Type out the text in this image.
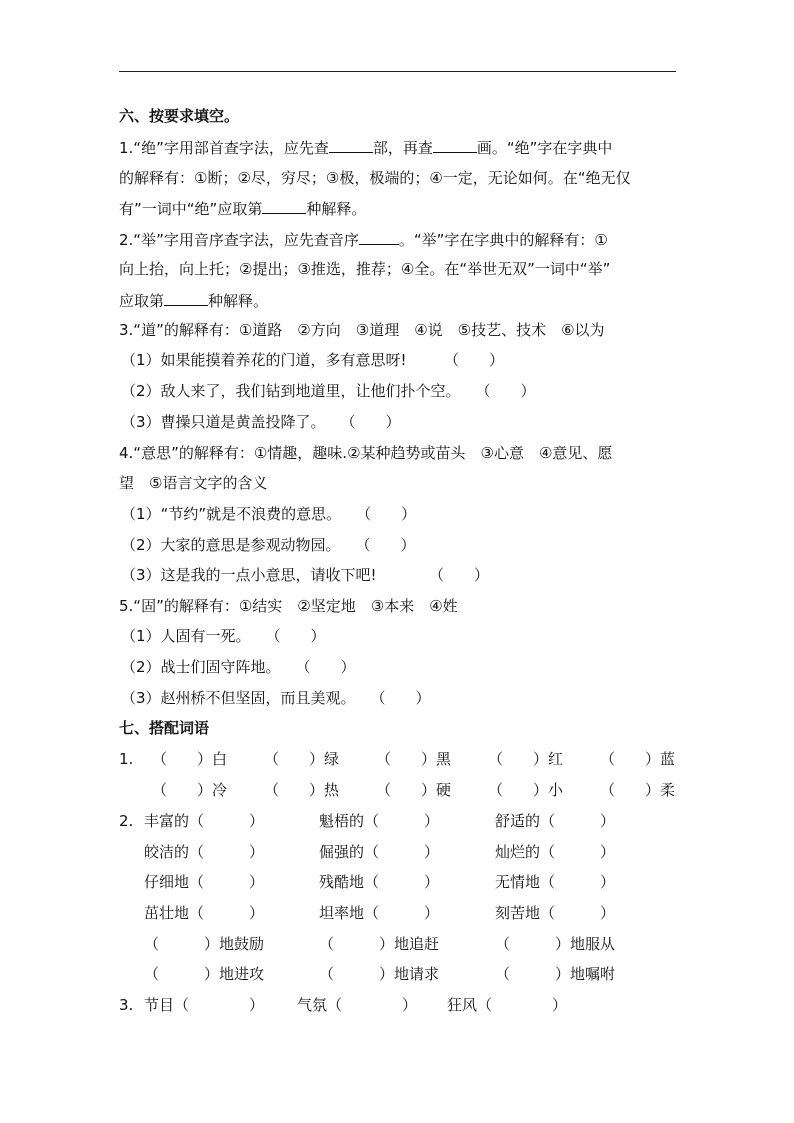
六、按要求填空。
1.“绝”字用部首查字法，应先查	部，再查	画。“绝”字在字典中
的解释有：①断；②尽，穷尽；③极，极端的；④一定，无论如何。在“绝无仅
有”一词中“绝”应取第	种解释。
2.“举”字用音序查字法，应先查音序	。“举”字在字典中的解释有：①
向上抬，向上托；②提出；③推选，推荐；④全。在“举世无双”一词中“举”
应取第	种解释。
3.“道”的解释有：①道路　②方向　③道理　④说　⑤技艺、技术　⑥以为
（1）如果能摸着养花的门道，多有意思呀!　　　（　　）
（2）敌人来了，我们钻到地道里，让他们扑个空。　　（　　）
（3）曹操只道是黄盖投降了。　　（　　）
4.“意思”的解释有：①情趣，趣味.②某种趋势或苗头　③心意　④意见、愿
望　⑤语言文字的含义
（1）“节约”就是不浪费的意思。　　（　　）
（2）大家的意思是参观动物园。　　（　　）
（3）这是我的一点小意思，请收下吧!　　　　（　　）
5.“固”的解释有：①结实　②坚定地　③本来　④姓
（1）人固有一死。　　（　　）
（2）战士们固守阵地。　　（　　）
（3）赵州桥不但坚固，而且美观。　　（　　）
七、搭配词语
1. （　　）白 （　　）绿 （　　）黑 （　　）红 （　　）蓝
（　　）冷 （　　）热 （　　）硬 （　　）小 （　　）柔
2. 丰富的（　　　）	魁梧的（　　　）	舒适的（　　　）
皎洁的（　　　）	倔强的（　　　）	灿烂的（　　　）
仔细地（　　　）	残酷地（　　　）	无情地（　　　）
茁壮地（　　　）	坦率地（　　　）	刻苦地（　　　）
（　　　）地鼓励	（　　　）地追赶	（　　　）地服从
（　　　）地进攻	（　　　）地请求	（　　　）地嘱咐
3. 节目（　　　　） 气氛（　　　　） 狂风（　　　　）
